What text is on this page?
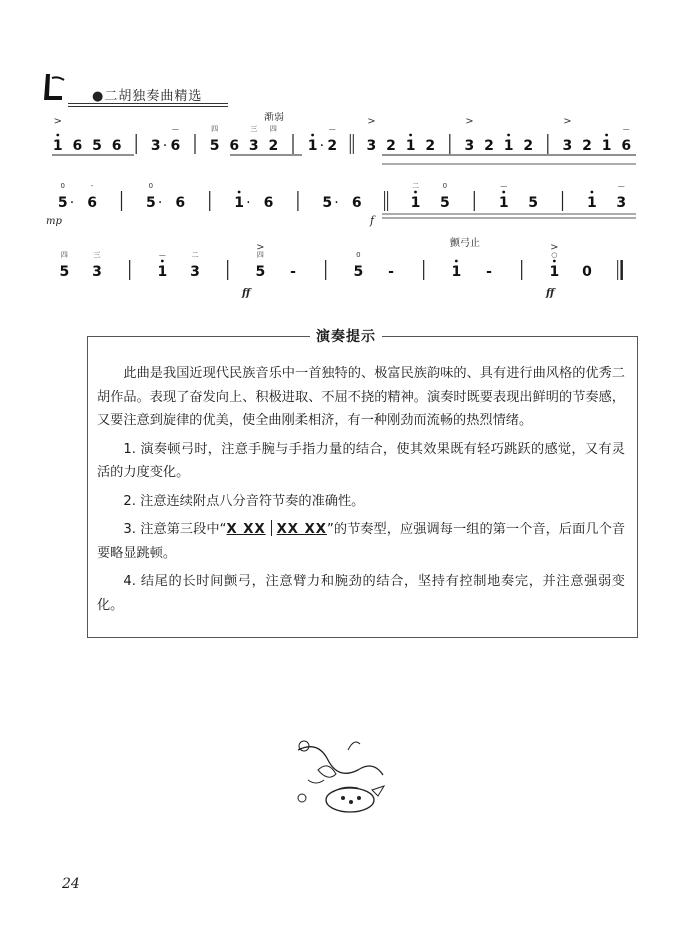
●二胡独奏曲精选
1
>
6 5 6 3 · 6
—
5
四
6 3
三
2
四
1 · 2
—
3
>
2 1 2 3
>
2 1 2 3
>
2 1 6
—
5 ·
0
6
-
5 ·
0
6	1 · 6	5 · 6	1
二
5
0
1
—
5	1 3
—
5
四
3
三
1
—
3
二
5
四
>
-	5
0
-	1 -	1
○
>
0
渐弱
mp	f
ff	ff
颤弓止
演奏提示

此曲是我国近现代民族音乐中一首独特的、极富民族韵味的、具有进行曲风格的优秀二胡作品。表现了奋发向上、积极进取、不屈不挠的精神。演奏时既要表现出鲜明的节奏感，又要注意到旋律的优美，使全曲刚柔相济，有一种刚劲而流畅的热烈情绪。

1. 演奏顿弓时，注意手腕与手指力量的结合，使其效果既有轻巧跳跃的感觉，又有灵活的力度变化。

2. 注意连续附点八分音符节奏的准确性。

3. 注意第三段中“X XX XX XX”的节奏型，应强调每一组的第一个音，后面几个音要略显跳顿。

4. 结尾的长时间颤弓，注意臂力和腕劲的结合，坚持有控制地奏完，并注意强弱变化。

24
